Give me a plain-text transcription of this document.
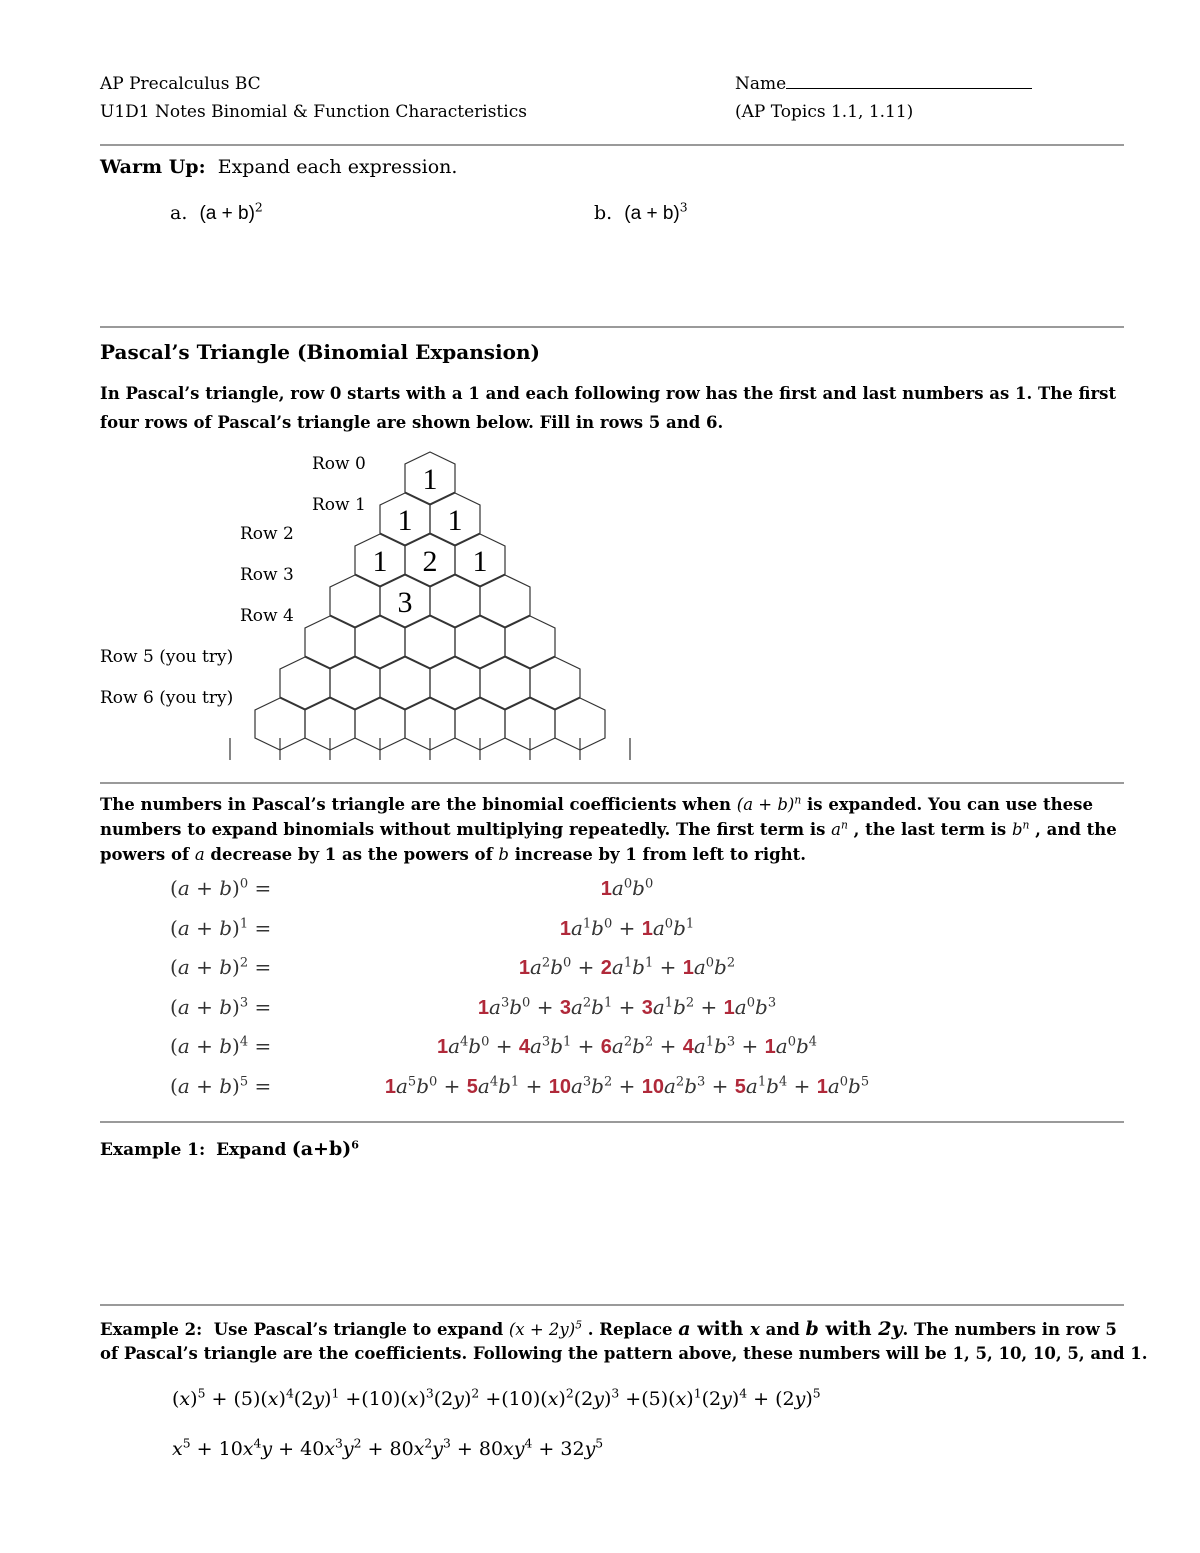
AP Precalculus BC
U1D1 Notes Binomial & Function Characteristics
Name
(AP Topics 1.1, 1.11)
Warm Up: Expand each expression.
a. $(a + b)^2$	b. $(a + b)^3$
Pascal’s Triangle (Binomial Expansion)
In Pascal’s triangle, row 0 starts with a 1 and each following row has the first and last numbers as 1. The first
four rows of Pascal’s triangle are shown below. Fill in rows 5 and 6.
Row 0
Row 1
Row 2
Row 3
Row 4
Row 5 (you try)
Row 6 (you try)
1
1 1
1 2 1
3
The numbers in Pascal’s triangle are the binomial coefficients when $(a + b)^n$ is expanded. You can use these
numbers to expand binomials without multiplying repeatedly. The first term is $a^n$ , the last term is $b^n$ , and the
powers of a decrease by 1 as the powers of b increase by 1 from left to right.
$(a + b)^0$ =	$1a^0b^0$
$(a + b)^1$ =	$1a^1b^0 + 1a^0b^1$
$(a + b)^2$ =	$1a^2b^0 + 2a^1b^1 + 1a^0b^2$
$(a + b)^3$ =	$1a^3b^0 + 3a^2b^1 + 3a^1b^2 + 1a^0b^3$
$(a + b)^4$ =	$1a^4b^0 + 4a^3b^1 + 6a^2b^2 + 4a^1b^3 + 1a^0b^4$
$(a + b)^5$ =	$1a^5b^0 + 5a^4b^1 + 10a^3b^2 + 10a^2b^3 + 5a^1b^4 + 1a^0b^5$
Example 1: Expand $(a+b)^6$
Example 2: Use Pascal’s triangle to expand $(x + 2y)^5$ . Replace a with x and b with 2y. The numbers in row 5
of Pascal’s triangle are the coefficients. Following the pattern above, these numbers will be 1, 5, 10, 10, 5, and 1.
$(x)^5 + (5)(x)^4(2y)^1 +(10)(x)^3(2y)^2 +(10)(x)^2(2y)^3 +(5)(x)^1(2y)^4 + (2y)^5$
$x^5 + 10x^4y + 40x^3y^2 + 80x^2y^3 + 80xy^4 + 32y^5$
